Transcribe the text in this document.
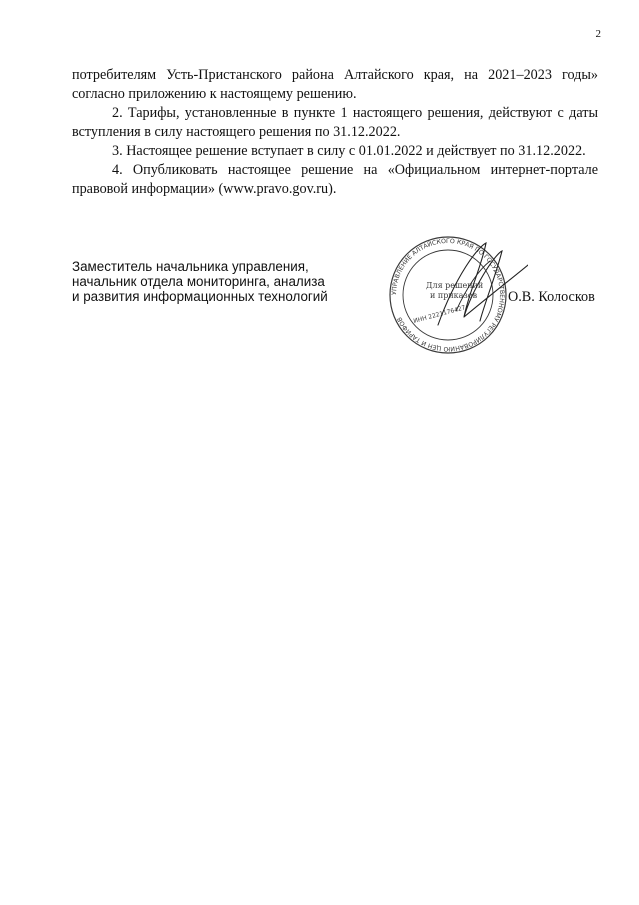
2

потребителям Усть-Пристанского района Алтайского края, на 2021–2023 годы» согласно приложению к настоящему решению.

2. Тарифы, установленные в пункте 1 настоящего решения, действуют с даты вступления в силу настоящего решения по 31.12.2022.

3. Настоящее решение вступает в силу с 01.01.2022 и действует по 31.12.2022.

4. Опубликовать настоящее решение на «Официальном интернет-портале правовой информации» (www.pravo.gov.ru).

Заместитель начальника управления,
начальник отдела мониторинга, анализа
и развития информационных технологий	УПРАВЛЕНИЕ АЛТАЙСКОГО КРАЯ ПО ГОСУДАРСТВЕННОМУ РЕГУЛИРОВАНИЮ ЦЕН И ТАРИФОВ
Для решений
и приказов
ИНН 2221176427
О.В. Колосков
